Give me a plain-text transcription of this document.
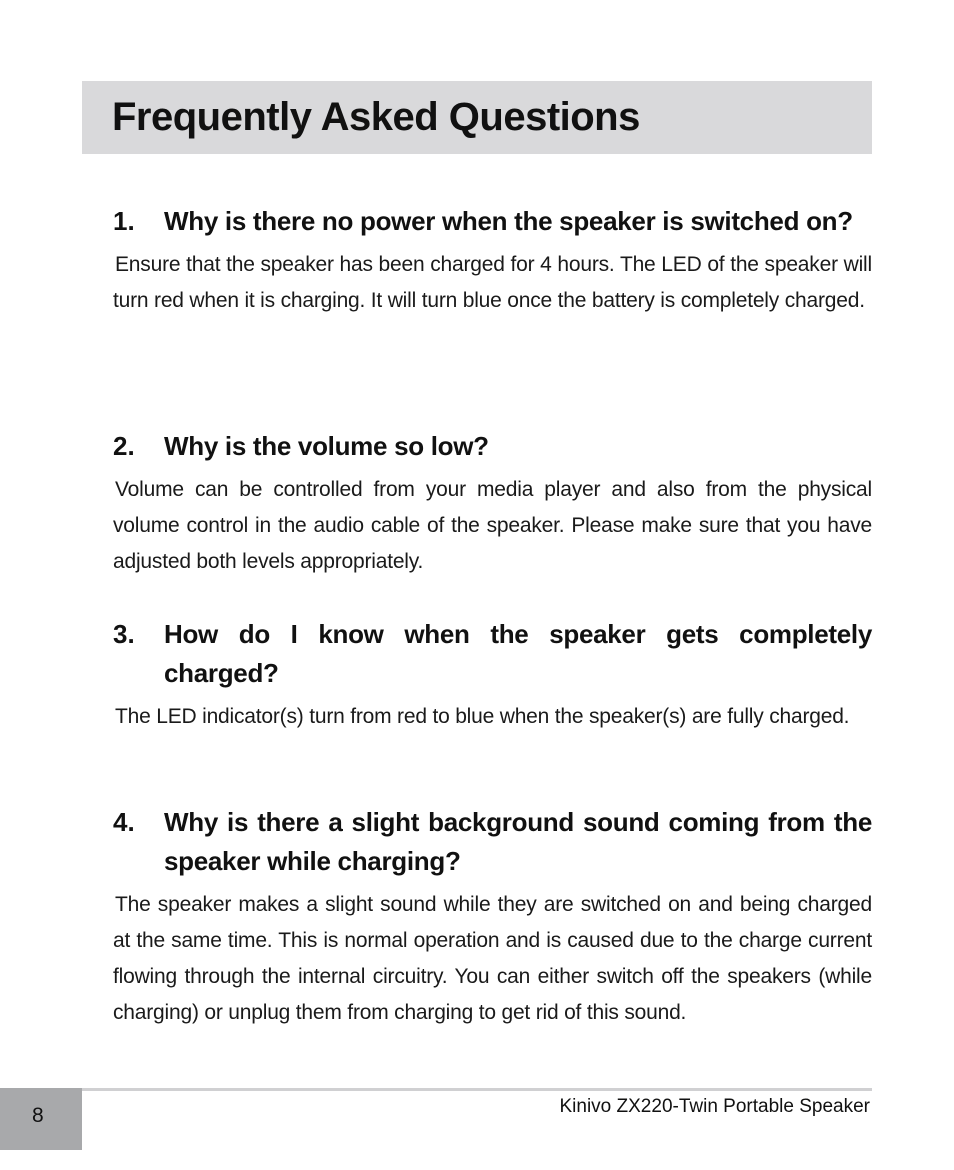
Frequently Asked Questions
1.	Why is there no power when the speaker is switched on?

Ensure that the speaker has been charged for 4 hours. The LED of the speaker will turn red when it is charging. It will turn blue once the battery is completely charged.

2.	Why is the volume so low?

Volume can be controlled from your media player and also from the physical volume control in the audio cable of the speaker. Please make sure that you have adjusted both levels appropriately.

3.	How do I know when the speaker gets completely charged?

The LED indicator(s) turn from red to blue when the speaker(s) are fully charged.

4.	Why is there a slight background sound coming from the speaker while charging?

The speaker makes a slight sound while they are switched on and being charged at the same time. This is normal operation and is caused due to the charge current flowing through the internal circuitry. You can either switch off the speakers (while charging) or unplug them from charging to get rid of this sound.

8	Kinivo ZX220-Twin Portable Speaker
